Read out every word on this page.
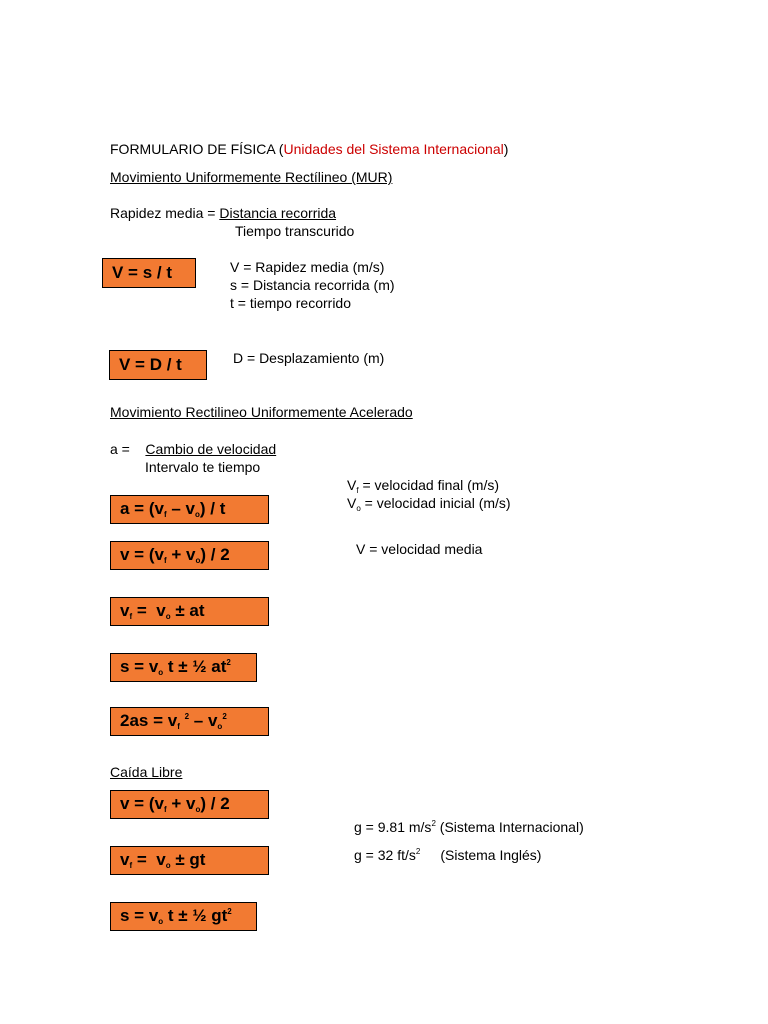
FORMULARIO DE FÍSICA (Unidades del Sistema Internacional)
Movimiento Uniformemente Rectílineo (MUR)
Rapidez media = Distancia recorrida
Tiempo transcurido
V = s / t	V = Rapidez media (m/s)
s = Distancia recorrida (m)
t = tiempo recorrido
V = D / t	D = Desplazamiento (m)
Movimiento Rectilineo Uniformemente Acelerado
a =    Cambio de velocidad
Intervalo te tiempo
$V_f$ = velocidad final (m/s)
$V_o$ = velocidad inicial (m/s)
$a = (v_f - v_o) / t$
$v = (v_f + v_o) / 2$	V = velocidad media
$v_f = v_o$ ± at
$s = v_o$ t ± ½ $at^2$
$2as = v_f$ $^2 - v_o^2$
Caída Libre
$v = (v_f + v_o) / 2$
g = 9.81 $m/s^2$ (Sistema Internacional)
$v_f = v_o$ ± gt	g = 32 $ft/s^2$ (Sistema Inglés)
$s = v_o$ t ± ½ $gt^2$
